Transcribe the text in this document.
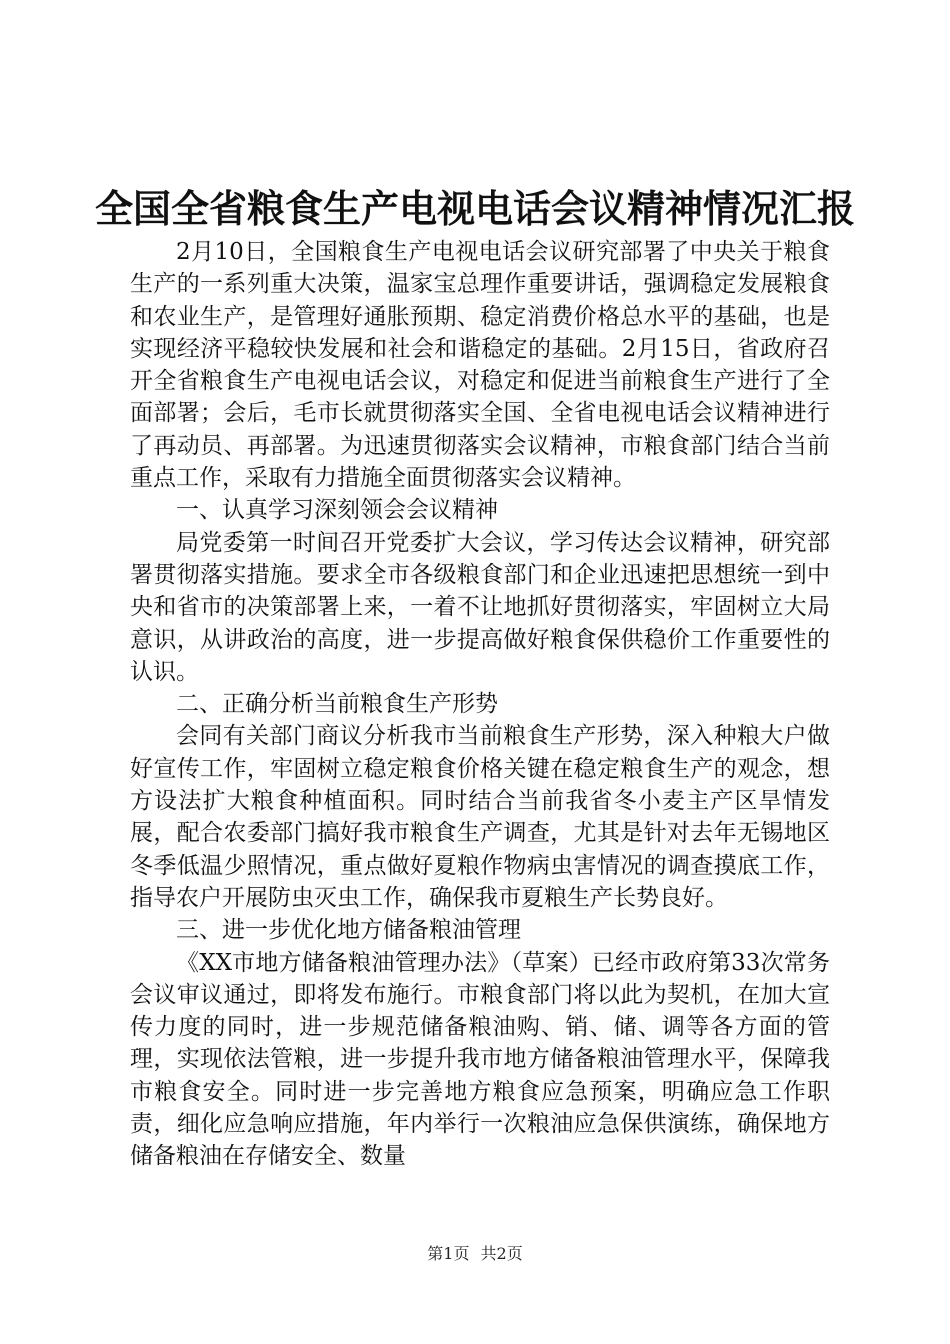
全国全省粮食生产电视电话会议精神情况汇报

2月10日，全国粮食生产电视电话会议研究部署了中央关于粮食生产的一系列重大决策，温家宝总理作重要讲话，强调稳定发展粮食和农业生产，是管理好通胀预期、稳定消费价格总水平的基础，也是实现经济平稳较快发展和社会和谐稳定的基础。2月15日，省政府召开全省粮食生产电视电话会议，对稳定和促进当前粮食生产进行了全面部署；会后，毛市长就贯彻落实全国、全省电视电话会议精神进行了再动员、再部署。为迅速贯彻落实会议精神，市粮食部门结合当前重点工作，采取有力措施全面贯彻落实会议精神。

一、认真学习深刻领会会议精神

局党委第一时间召开党委扩大会议，学习传达会议精神，研究部署贯彻落实措施。要求全市各级粮食部门和企业迅速把思想统一到中央和省市的决策部署上来，一着不让地抓好贯彻落实，牢固树立大局意识，从讲政治的高度，进一步提高做好粮食保供稳价工作重要性的认识。

二、正确分析当前粮食生产形势

会同有关部门商议分析我市当前粮食生产形势，深入种粮大户做好宣传工作，牢固树立稳定粮食价格关键在稳定粮食生产的观念，想方设法扩大粮食种植面积。同时结合当前我省冬小麦主产区旱情发展，配合农委部门搞好我市粮食生产调查，尤其是针对去年无锡地区冬季低温少照情况，重点做好夏粮作物病虫害情况的调查摸底工作，指导农户开展防虫灭虫工作，确保我市夏粮生产长势良好。

三、进一步优化地方储备粮油管理

《XX市地方储备粮油管理办法》（草案）已经市政府第33次常务会议审议通过，即将发布施行。市粮食部门将以此为契机，在加大宣传力度的同时，进一步规范储备粮油购、销、储、调等各方面的管理，实现依法管粮，进一步提升我市地方储备粮油管理水平，保障我市粮食安全。同时进一步完善地方粮食应急预案，明确应急工作职责，细化应急响应措施，年内举行一次粮油应急保供演练，确保地方储备粮油在存储安全、数量

第1页 共2页
